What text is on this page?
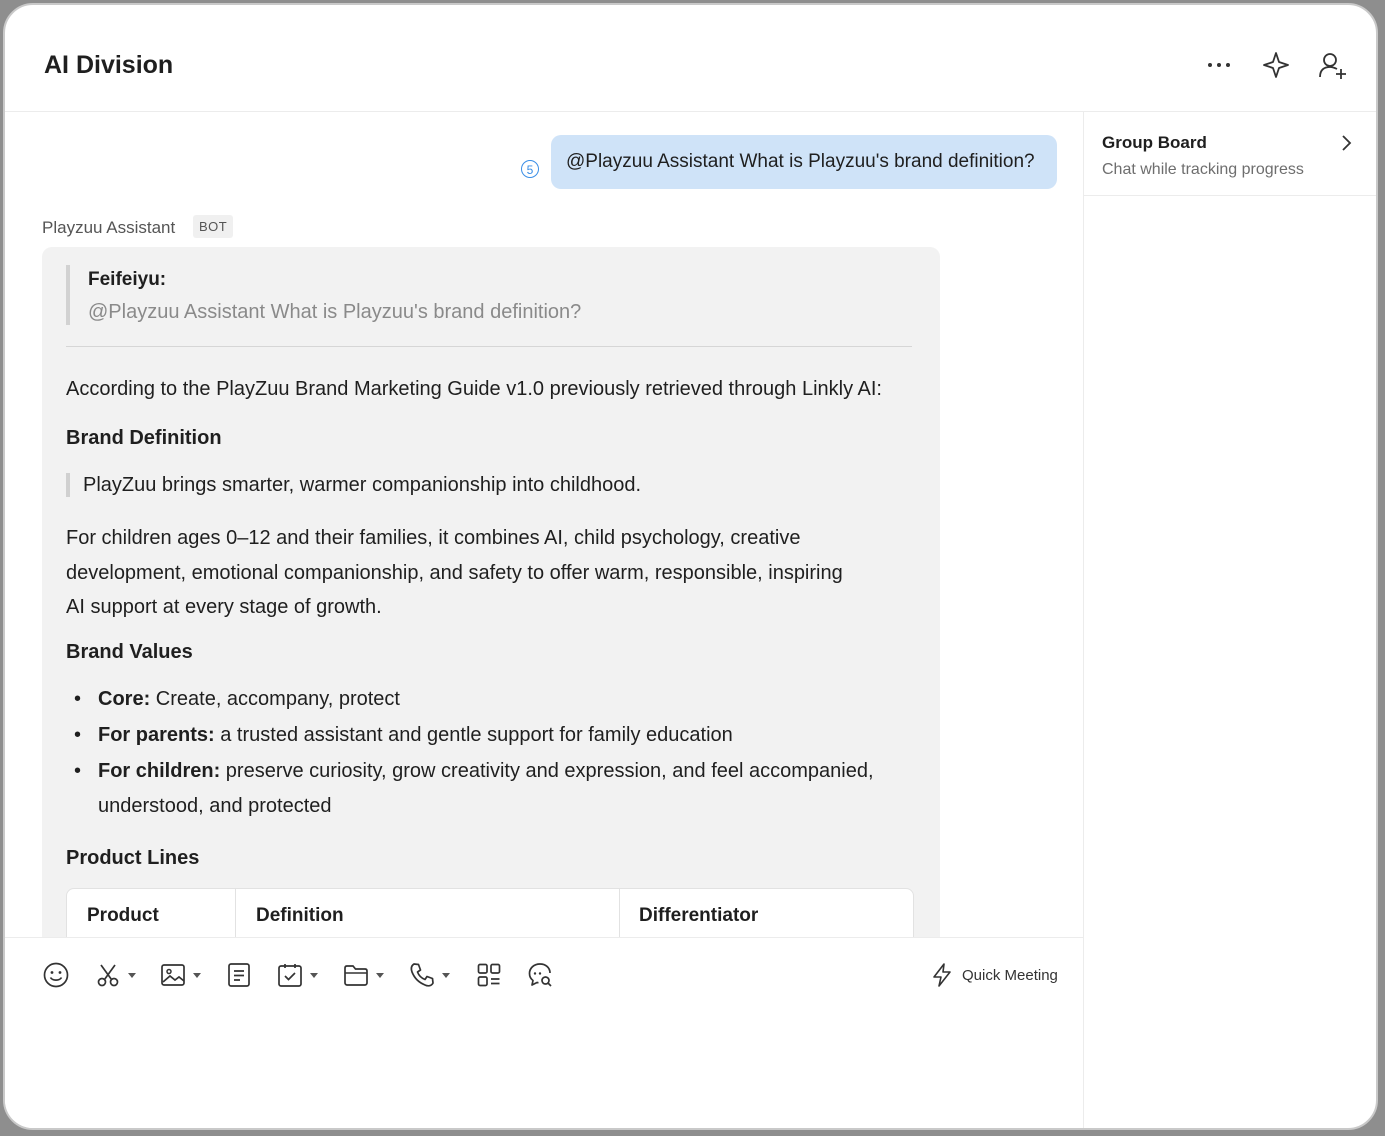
AI Division
5	@Playzuu Assistant What is Playzuu's brand definition?
Playzuu Assistant	BOT
Feifeiyu:
@Playzuu Assistant What is Playzuu's brand definition?
According to the PlayZuu Brand Marketing Guide v1.0 previously retrieved through Linkly AI:
Brand Definition
PlayZuu brings smarter, warmer companionship into childhood.
For children ages 0–12 and their families, it combines AI, child psychology, creative development, emotional companionship, and safety to offer warm, responsible, inspiring AI support at every stage of growth.
Brand Values
• Core: Create, accompany, protect
• For parents: a trusted assistant and gentle support for family education
• For children: preserve curiosity, grow creativity and expression, and feel accompanied, understood, and protected
Product Lines
Product	Definition	Differentiator
Group Board
Chat while tracking progress
Quick Meeting
